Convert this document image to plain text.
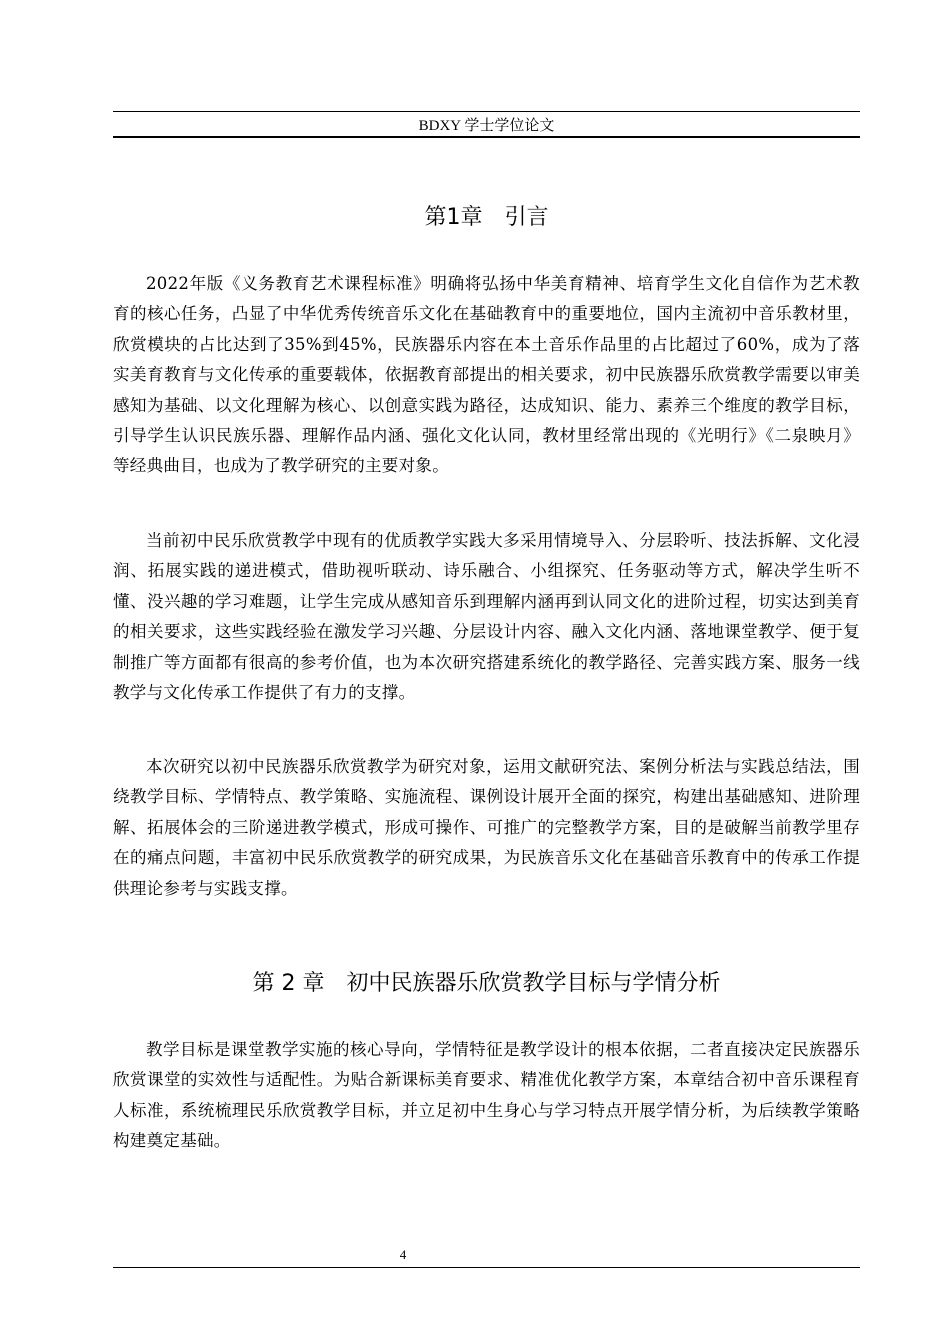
BDXY 学士学位论文
第1章　引言

2022年版《义务教育艺术课程标准》明确将弘扬中华美育精神、培育学生文化自信作为艺术教育的核心任务，凸显了中华优秀传统音乐文化在基础教育中的重要地位，国内主流初中音乐教材里，欣赏模块的占比达到了35%到45%，民族器乐内容在本土音乐作品里的占比超过了60%，成为了落实美育教育与文化传承的重要载体，依据教育部提出的相关要求，初中民族器乐欣赏教学需要以审美感知为基础、以文化理解为核心、以创意实践为路径，达成知识、能力、素养三个维度的教学目标，引导学生认识民族乐器、理解作品内涵、强化文化认同，教材里经常出现的《光明行》《二泉映月》等经典曲目，也成为了教学研究的主要对象。

当前初中民乐欣赏教学中现有的优质教学实践大多采用情境导入、分层聆听、技法拆解、文化浸润、拓展实践的递进模式，借助视听联动、诗乐融合、小组探究、任务驱动等方式，解决学生听不懂、没兴趣的学习难题，让学生完成从感知音乐到理解内涵再到认同文化的进阶过程，切实达到美育的相关要求，这些实践经验在激发学习兴趣、分层设计内容、融入文化内涵、落地课堂教学、便于复制推广等方面都有很高的参考价值，也为本次研究搭建系统化的教学路径、完善实践方案、服务一线教学与文化传承工作提供了有力的支撑。

本次研究以初中民族器乐欣赏教学为研究对象，运用文献研究法、案例分析法与实践总结法，围绕教学目标、学情特点、教学策略、实施流程、课例设计展开全面的探究，构建出基础感知、进阶理解、拓展体会的三阶递进教学模式，形成可操作、可推广的完整教学方案，目的是破解当前教学里存在的痛点问题，丰富初中民乐欣赏教学的研究成果，为民族音乐文化在基础音乐教育中的传承工作提供理论参考与实践支撑。

第 2 章　初中民族器乐欣赏教学目标与学情分析

教学目标是课堂教学实施的核心导向，学情特征是教学设计的根本依据，二者直接决定民族器乐欣赏课堂的实效性与适配性。为贴合新课标美育要求、精准优化教学方案，本章结合初中音乐课程育人标准，系统梳理民乐欣赏教学目标，并立足初中生身心与学习特点开展学情分析，为后续教学策略构建奠定基础。

4
